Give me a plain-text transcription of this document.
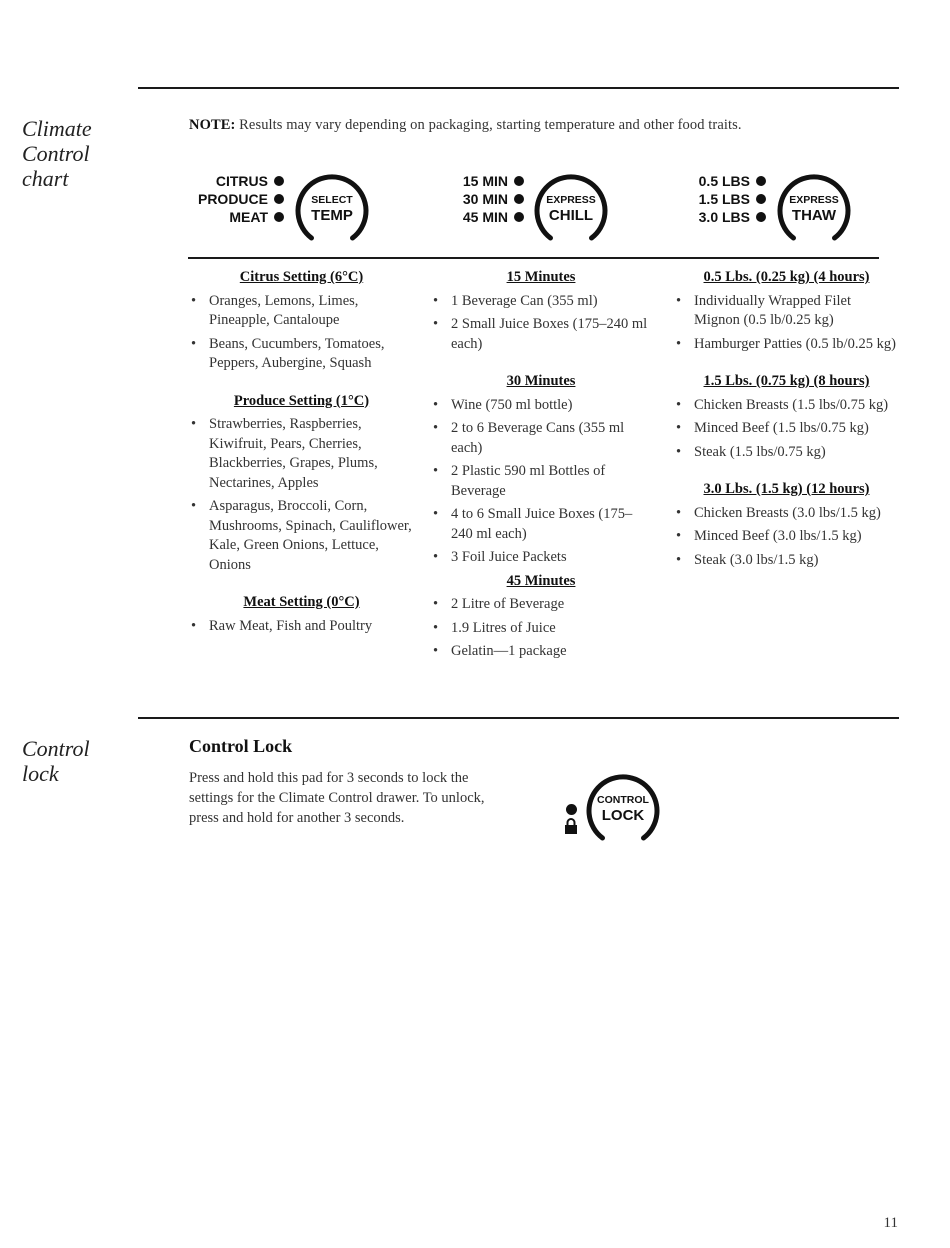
Climate
Control
chart
NOTE: Results may vary depending on packaging, starting temperature and other food traits.
CITRUS
PRODUCE
MEAT
SELECT
TEMP
15 MIN
30 MIN
45 MIN
EXPRESS
CHILL
0.5 LBS
1.5 LBS
3.0 LBS
EXPRESS
THAW
Citrus Setting (6°C)
• Oranges, Lemons, Limes, Pineapple, Cantaloupe
• Beans, Cucumbers, Tomatoes, Peppers, Aubergine, Squash
Produce Setting (1°C)
• Strawberries, Raspberries, Kiwifruit, Pears, Cherries, Blackberries, Grapes, Plums, Nectarines, Apples
• Asparagus, Broccoli, Corn, Mushrooms, Spinach, Cauliflower, Kale, Green Onions, Lettuce, Onions
Meat Setting (0°C)
• Raw Meat, Fish and Poultry
15 Minutes
• 1 Beverage Can (355 ml)
• 2 Small Juice Boxes (175–240 ml each)
30 Minutes
• Wine (750 ml bottle)
• 2 to 6 Beverage Cans (355 ml each)
• 2 Plastic 590 ml Bottles of Beverage
• 4 to 6 Small Juice Boxes (175–240 ml each)
• 3 Foil Juice Packets
45 Minutes
• 2 Litre of Beverage
• 1.9 Litres of Juice
• Gelatin—1 package
0.5 Lbs. (0.25 kg) (4 hours)
• Individually Wrapped Filet Mignon (0.5 lb/0.25 kg)
• Hamburger Patties (0.5 lb/0.25 kg)
1.5 Lbs. (0.75 kg) (8 hours)
• Chicken Breasts (1.5 lbs/0.75 kg)
• Minced Beef (1.5 lbs/0.75 kg)
• Steak (1.5 lbs/0.75 kg)
3.0 Lbs. (1.5 kg) (12 hours)
• Chicken Breasts (3.0 lbs/1.5 kg)
• Minced Beef (3.0 lbs/1.5 kg)
• Steak (3.0 lbs/1.5 kg)
Control
lock
Control Lock
Press and hold this pad for 3 seconds to lock the settings for the Climate Control drawer. To unlock, press and hold for another 3 seconds.
CONTROL
LOCK
11
